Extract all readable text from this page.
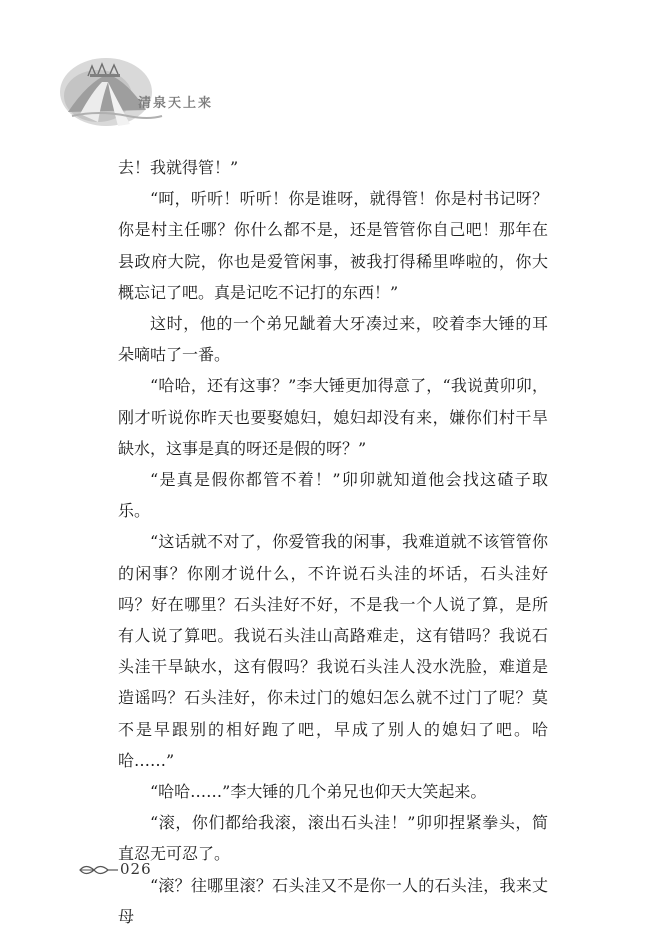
清泉天上来

去！我就得管！”

“呵，听听！听听！你是谁呀，就得管！你是村书记呀？你是村主任哪？你什么都不是，还是管管你自己吧！那年在县政府大院，你也是爱管闲事，被我打得稀里哗啦的，你大概忘记了吧。真是记吃不记打的东西！”

这时，他的一个弟兄龇着大牙凑过来，咬着李大锤的耳朵嘀咕了一番。

“哈哈，还有这事？”李大锤更加得意了，“我说黄卯卯，刚才听说你昨天也要娶媳妇，媳妇却没有来，嫌你们村干旱缺水，这事是真的呀还是假的呀？”

“是真是假你都管不着！”卯卯就知道他会找这碴子取乐。

“这话就不对了，你爱管我的闲事，我难道就不该管管你的闲事？你刚才说什么，不许说石头洼的坏话，石头洼好吗？好在哪里？石头洼好不好，不是我一个人说了算，是所有人说了算吧。我说石头洼山高路难走，这有错吗？我说石头洼干旱缺水，这有假吗？我说石头洼人没水洗脸，难道是造谣吗？石头洼好，你未过门的媳妇怎么就不过门了呢？莫不是早跟别的相好跑了吧，早成了别人的媳妇了吧。哈哈……”

“哈哈……”李大锤的几个弟兄也仰天大笑起来。

“滚，你们都给我滚，滚出石头洼！”卯卯捏紧拳头，简直忍无可忍了。

“滚？往哪里滚？石头洼又不是你一人的石头洼，我来丈母

026
